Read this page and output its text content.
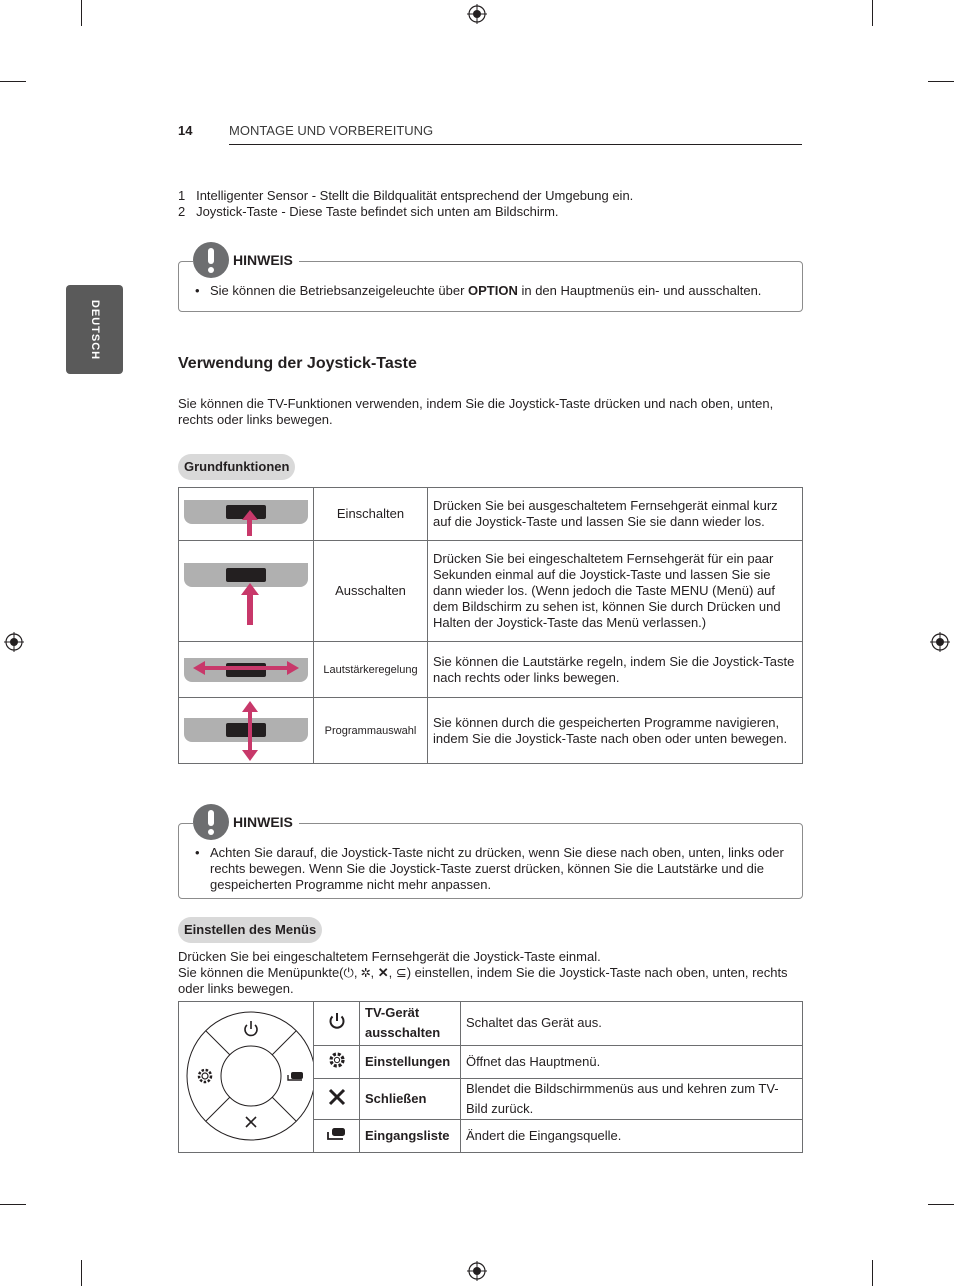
14	MONTAGE UND VORBEREITUNG
DEUTSCH
1 Intelligenter Sensor - Stellt die Bildqualität entsprechend der Umgebung ein.
2 Joystick-Taste - Diese Taste befindet sich unten am Bildschirm.
• Sie können die Betriebsanzeigeleuchte über OPTION in den Hauptmenüs ein- und ausschalten.
HINWEIS
Verwendung der Joystick-Taste
Sie können die TV-Funktionen verwenden, indem Sie die Joystick-Taste drücken und nach oben, unten, rechts oder links bewegen.
Grundfunktionen
	Einschalten	Drücken Sie bei ausgeschaltetem Fernsehgerät einmal kurz auf die Joystick-Taste und lassen Sie sie dann wieder los.

	Ausschalten	Drücken Sie bei eingeschaltetem Fernsehgerät für ein paar Sekunden einmal auf die Joystick-Taste und lassen Sie sie dann wieder los. (Wenn jedoch die Taste MENU (Menü) auf dem Bildschirm zu sehen ist, können Sie durch Drücken und Halten der Joystick-Taste das Menü verlassen.)

	Lautstärkeregelung	Sie können die Lautstärke regeln, indem Sie die Joystick-Taste nach rechts oder links bewegen.

	Programmauswahl	Sie können durch die gespeicherten Programme navigieren, indem Sie die Joystick-Taste nach oben oder unten bewegen.
• Achten Sie darauf, die Joystick-Taste nicht zu drücken, wenn Sie diese nach oben, unten, links oder rechts bewegen. Wenn Sie die Joystick-Taste zuerst drücken, können Sie die Lautstärke und die gespeicherten Programme nicht mehr anpassen.
HINWEIS
Einstellen des Menüs
Drücken Sie bei eingeschaltetem Fernsehgerät die Joystick-Taste einmal.
Sie können die Menüpunkte(⏻, ✲, ✕, ⊆) einstellen, indem Sie die Joystick-Taste nach oben, unten, rechts oder links bewegen.
		TV-Gerät ausschalten	Schaltet das Gerät aus.
	Einstellungen	Öffnet das Hauptmenü.
	Schließen	Blendet die Bildschirmmenüs aus und kehren zum TV-Bild zurück.
	Eingangsliste	Ändert die Eingangsquelle.
